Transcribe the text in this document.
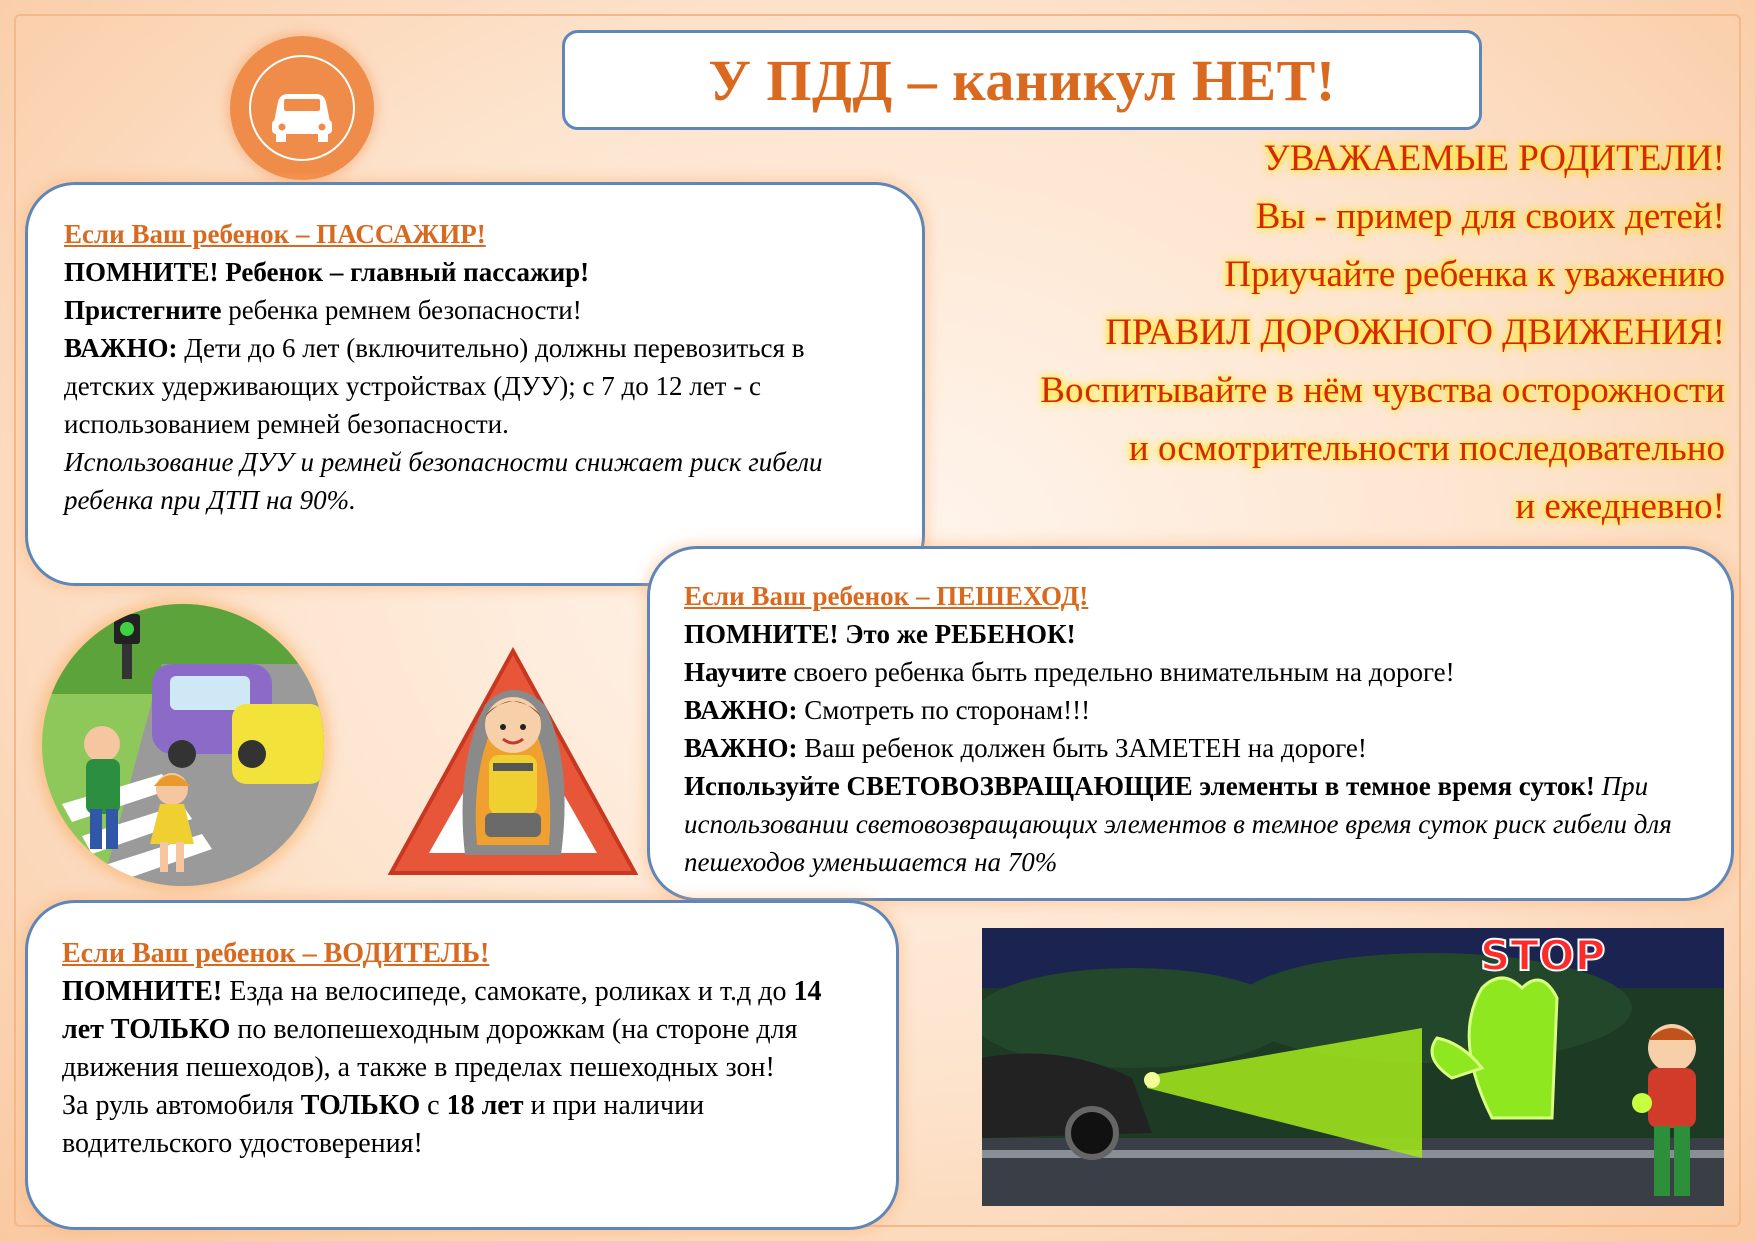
У ПДД – каникул НЕТ!
УВАЖАЕМЫЕ РОДИТЕЛИ!
Вы - пример для своих детей!
Приучайте ребенка к уважению
ПРАВИЛ ДОРОЖНОГО ДВИЖЕНИЯ!
Воспитывайте в нём чувства осторожности
и осмотрительности последовательно
и ежедневно!
Если Ваш ребенок – ПАССАЖИР!
ПОМНИТЕ! Ребенок – главный пассажир!
Пристегните ребенка ремнем безопасности!
ВАЖНО: Дети до 6 лет (включительно) должны перевозиться в детских удерживающих устройствах (ДУУ); с 7 до 12 лет - с использованием ремней безопасности.
Использование ДУУ и ремней безопасности снижает риск гибели ребенка при ДТП на 90%.
Если Ваш ребенок – ПЕШЕХОД!
ПОМНИТЕ! Это же РЕБЕНОК!
Научите своего ребенка быть предельно внимательным на дороге!
ВАЖНО: Смотреть по сторонам!!!
ВАЖНО: Ваш ребенок должен быть ЗАМЕТЕН на дороге!
Используйте СВЕТОВОЗВРАЩАЮЩИЕ элементы в темное время суток! При использовании световозвращающих элементов в темное время суток риск гибели для пешеходов уменьшается на 70%
Если Ваш ребенок – ВОДИТЕЛЬ!
ПОМНИТЕ! Езда на велосипеде, самокате, роликах и т.д до 14 лет ТОЛЬКО по велопешеходным дорожкам (на стороне для движения пешеходов), а также в пределах пешеходных зон!
За руль автомобиля ТОЛЬКО с 18 лет и при наличии водительского удостоверения!
STOP
